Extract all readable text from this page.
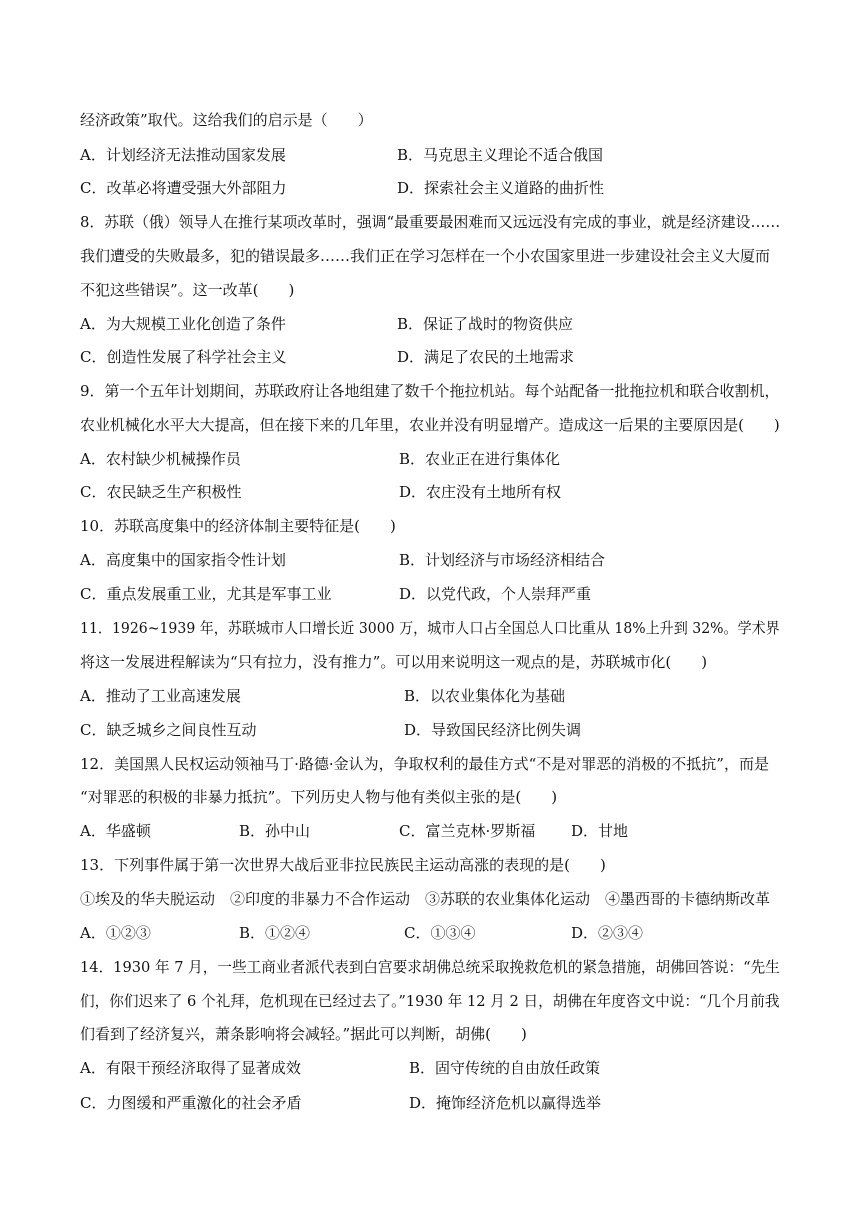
经济政策”取代。这给我们的启示是（　　）
A．计划经济无法推动国家发展	B．马克思主义理论不适合俄国
C．改革必将遭受强大外部阻力	D．探索社会主义道路的曲折性
8．苏联（俄）领导人在推行某项改革时，强调“最重要最困难而又远远没有完成的事业，就是经济建设……
我们遭受的失败最多，犯的错误最多……我们正在学习怎样在一个小农国家里进一步建设社会主义大厦而
不犯这些错误”。这一改革(　　)
A．为大规模工业化创造了条件	B．保证了战时的物资供应
C．创造性发展了科学社会主义	D．满足了农民的土地需求
9．第一个五年计划期间，苏联政府让各地组建了数千个拖拉机站。每个站配备一批拖拉机和联合收割机，
农业机械化水平大大提高，但在接下来的几年里，农业并没有明显增产。造成这一后果的主要原因是(　　)
A．农村缺少机械操作员	B．农业正在进行集体化
C．农民缺乏生产积极性	D．农庄没有土地所有权
10．苏联高度集中的经济体制主要特征是(　　)
A．高度集中的国家指令性计划	B．计划经济与市场经济相结合
C．重点发展重工业，尤其是军事工业	D．以党代政，个人崇拜严重
11．1926~1939 年，苏联城市人口增长近 3000 万，城市人口占全国总人口比重从 18%上升到 32%。学术界
将这一发展进程解读为“只有拉力，没有推力”。可以用来说明这一观点的是，苏联城市化(　　)
A．推动了工业高速发展	B．以农业集体化为基础
C．缺乏城乡之间良性互动	D．导致国民经济比例失调
12．美国黑人民权运动领袖马丁·路德·金认为，争取权利的最佳方式“不是对罪恶的消极的不抵抗”，而是
“对罪恶的积极的非暴力抵抗”。下列历史人物与他有类似主张的是(　　)
A．华盛顿	B．孙中山	C．富兰克林·罗斯福 D．甘地
13．下列事件属于第一次世界大战后亚非拉民族民主运动高涨的表现的是(　　)
①埃及的华夫脱运动　②印度的非暴力不合作运动　③苏联的农业集体化运动　④墨西哥的卡德纳斯改革
A．①②③	B．①②④	C．①③④	D．②③④
14．1930 年 7 月，一些工商业者派代表到白宫要求胡佛总统采取挽救危机的紧急措施，胡佛回答说：“先生
们，你们迟来了 6 个礼拜，危机现在已经过去了。”1930 年 12 月 2 日，胡佛在年度咨文中说：“几个月前我
们看到了经济复兴，萧条影响将会减轻。”据此可以判断，胡佛(　　)
A．有限干预经济取得了显著成效	B．固守传统的自由放任政策
C．力图缓和严重激化的社会矛盾	D．掩饰经济危机以赢得选举
